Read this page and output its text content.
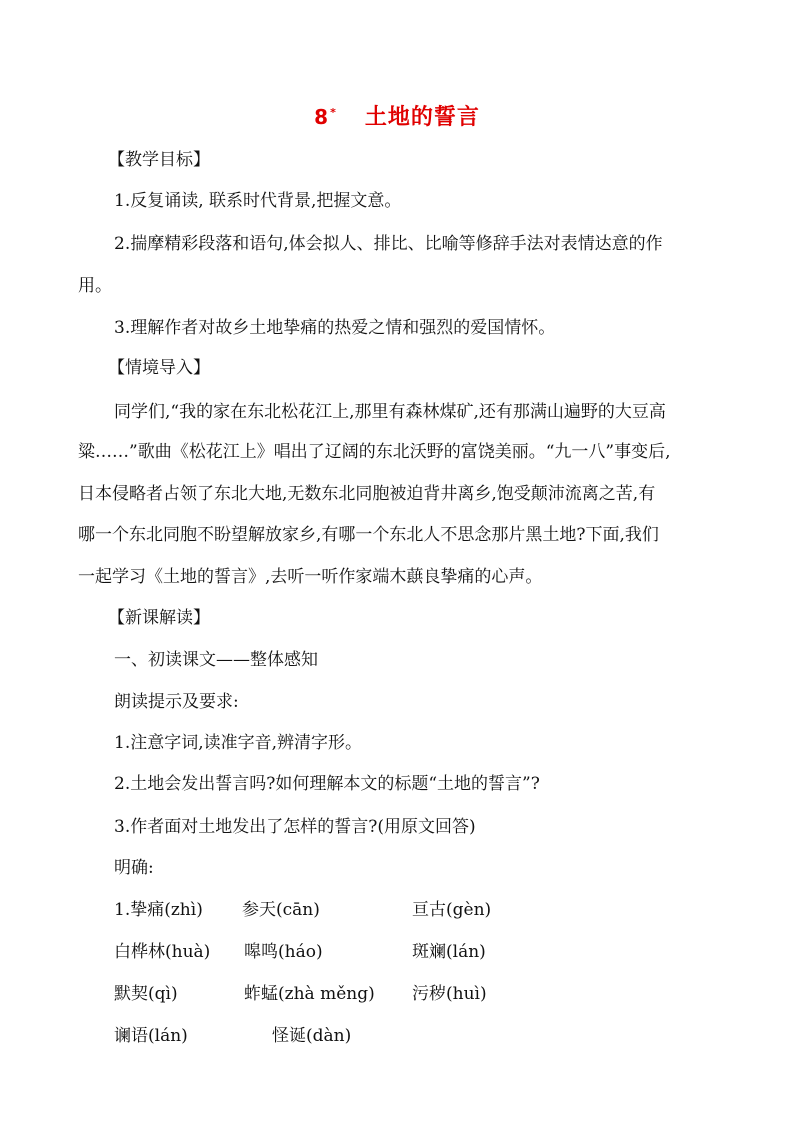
8* 土地的誓言
【教学目标】
1.反复诵读, 联系时代背景,把握文意。
2.揣摩精彩段落和语句,体会拟人、排比、比喻等修辞手法对表情达意的作
用。
3.理解作者对故乡土地挚痛的热爱之情和强烈的爱国情怀。
【情境导入】
同学们,“我的家在东北松花江上,那里有森林煤矿,还有那满山遍野的大豆高
粱……”歌曲《松花江上》唱出了辽阔的东北沃野的富饶美丽。“九一八”事变后,
日本侵略者占领了东北大地,无数东北同胞被迫背井离乡,饱受颠沛流离之苦,有
哪一个东北同胞不盼望解放家乡,有哪一个东北人不思念那片黑土地?下面,我们
一起学习《土地的誓言》,去听一听作家端木蕻良挚痛的心声。
【新课解读】
一、初读课文——整体感知
朗读提示及要求:
1.注意字词,读准字音,辨清字形。
2.土地会发出誓言吗?如何理解本文的标题“土地的誓言”?
3.作者面对土地发出了怎样的誓言?(用原文回答)
明确:
1.挚痛(zhì) 参天(cān)	亘古(gèn)
白桦林(huà) 嗥鸣(háo)	斑斓(lán)
默契(qì)	蚱蜢(zhà měng) 污秽(huì)
谰语(lán)	怪诞(dàn)
